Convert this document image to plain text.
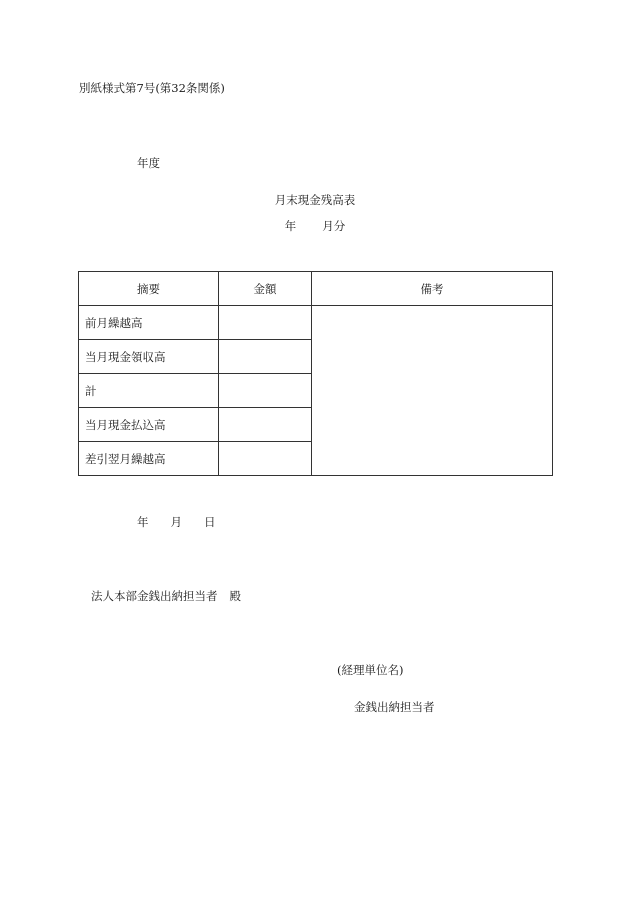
別紙様式第7号(第32条関係)
年度
月末現金残高表
年 月分
摘要	金額	備考
前月繰越高		
当月現金領収高		
計		
当月現金払込高		
差引翌月繰越高		
年 月 日
法人本部金銭出納担当者 殿
(経理単位名)
金銭出納担当者
